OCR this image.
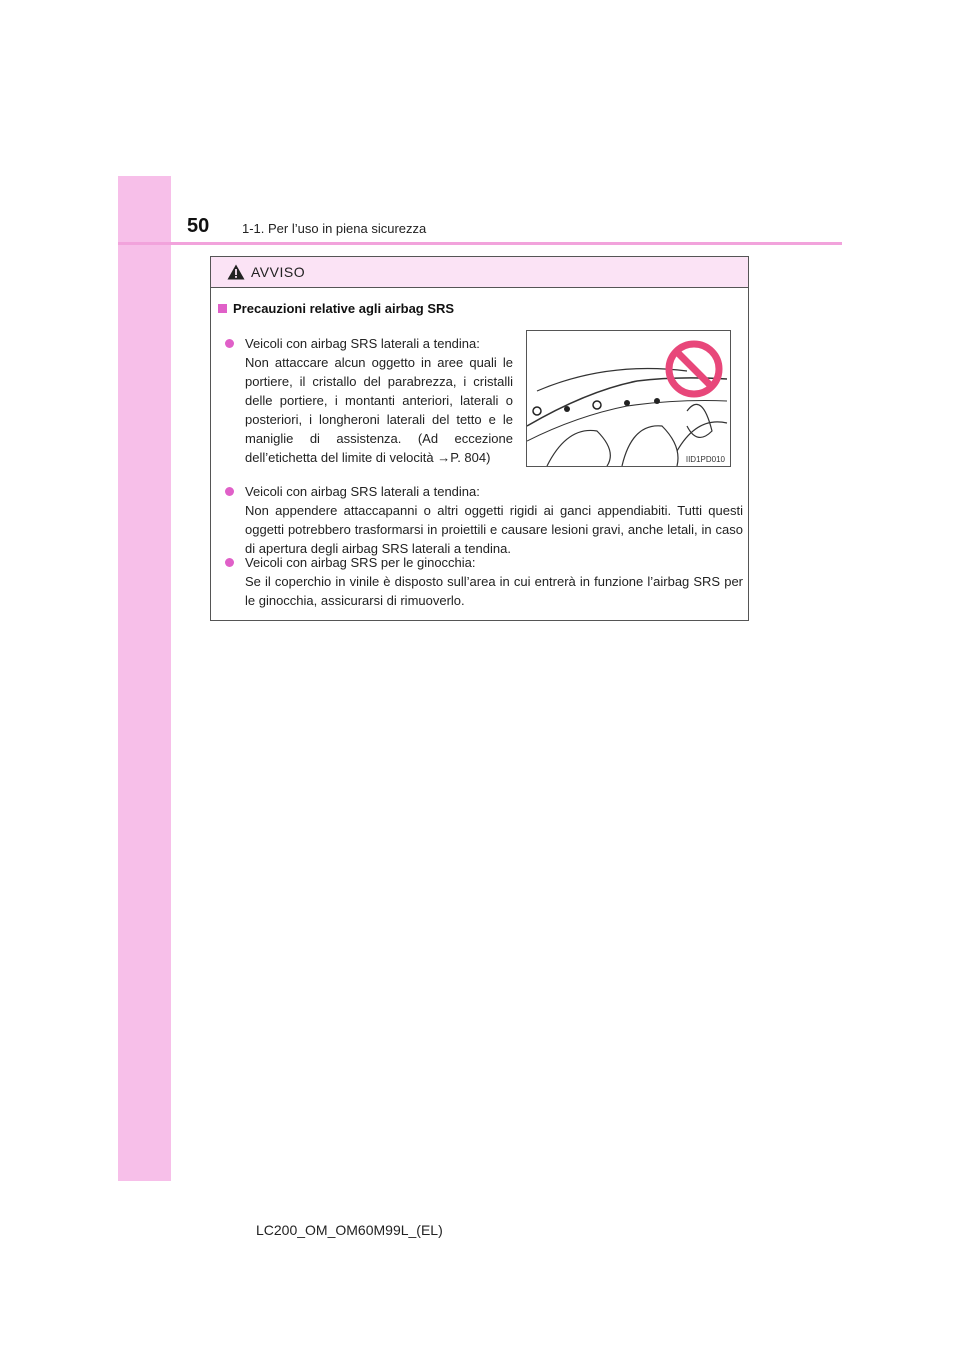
50	1-1. Per l’uso in piena sicurezza
AVVISO
Precauzioni relative agli airbag SRS

Veicoli con airbag SRS laterali a tendina:

Non attaccare alcun oggetto in aree quali le portiere, il cristallo del parabrezza, i cristalli delle portiere, i montanti anteriori, laterali o posteriori, i longheroni laterali del tetto e le maniglie di assistenza. (Ad eccezione dell’etichetta del limite di velocità →P. 804)	IID1PD010

Veicoli con airbag SRS laterali a tendina:

Non appendere attaccapanni o altri oggetti rigidi ai ganci appendiabiti. Tutti questi oggetti potrebbero trasformarsi in proiettili e causare lesioni gravi, anche letali, in caso di apertura degli airbag SRS laterali a tendina.

Veicoli con airbag SRS per le ginocchia:

Se il coperchio in vinile è disposto sull’area in cui entrerà in funzione l’airbag SRS per le ginocchia, assicurarsi di rimuoverlo.

LC200_OM_OM60M99L_(EL)
